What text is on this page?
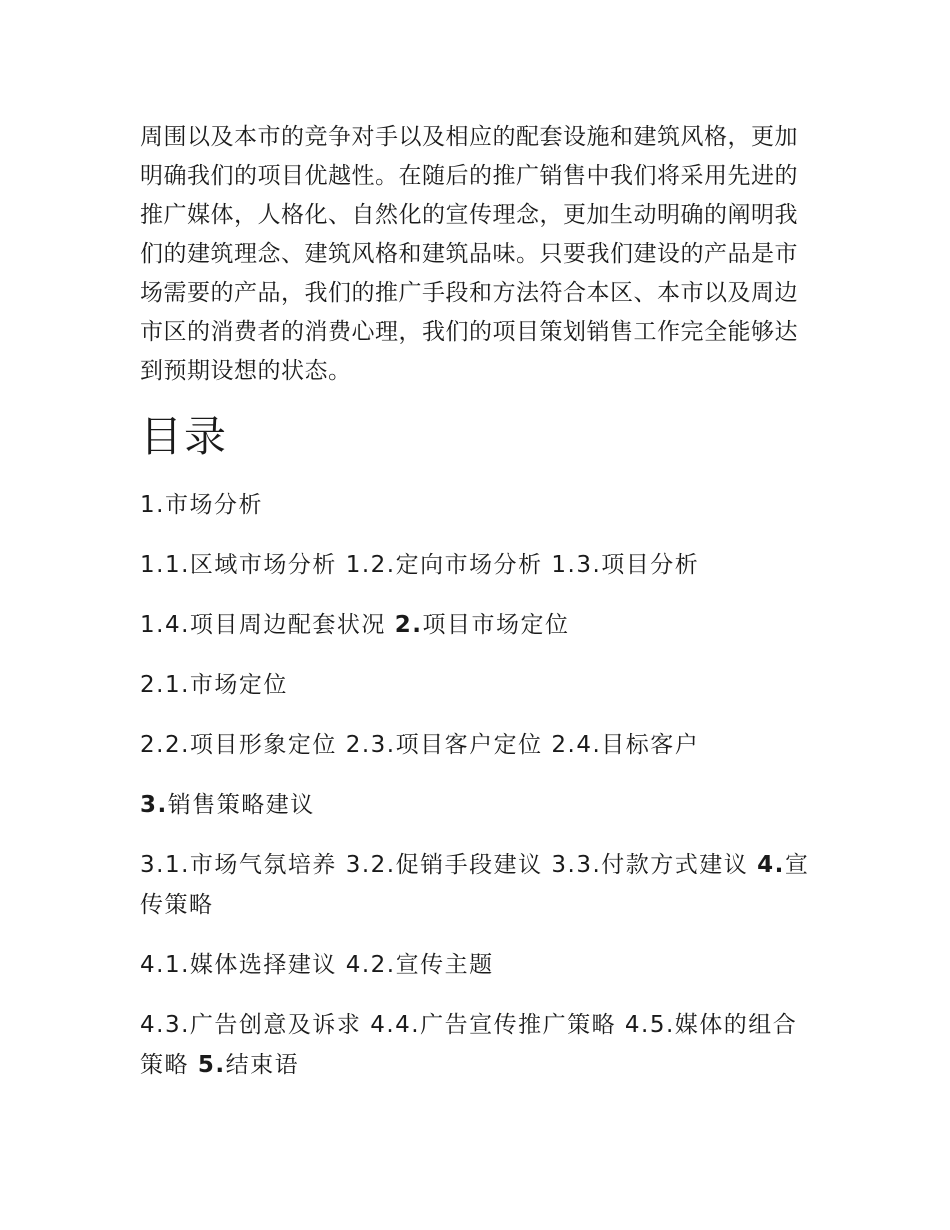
周围以及本市的竞争对手以及相应的配套设施和建筑风格，更加明确我们的项目优越性。在随后的推广销售中我们将采用先进的推广媒体，人格化、自然化的宣传理念，更加生动明确的阐明我们的建筑理念、建筑风格和建筑品味。只要我们建设的产品是市场需要的产品，我们的推广手段和方法符合本区、本市以及周边市区的消费者的消费心理，我们的项目策划销售工作完全能够达到预期设想的状态。

目录
1.市场分析
1.1.区域市场分析 1.2.定向市场分析 1.3.项目分析
1.4.项目周边配套状况 2.项目市场定位
2.1.市场定位
2.2.项目形象定位 2.3.项目客户定位 2.4.目标客户
3.销售策略建议
3.1.市场气氛培养 3.2.促销手段建议 3.3.付款方式建议 4.宣传策略
4.1.媒体选择建议 4.2.宣传主题
4.3.广告创意及诉求 4.4.广告宣传推广策略 4.5.媒体的组合策略 5.结束语
